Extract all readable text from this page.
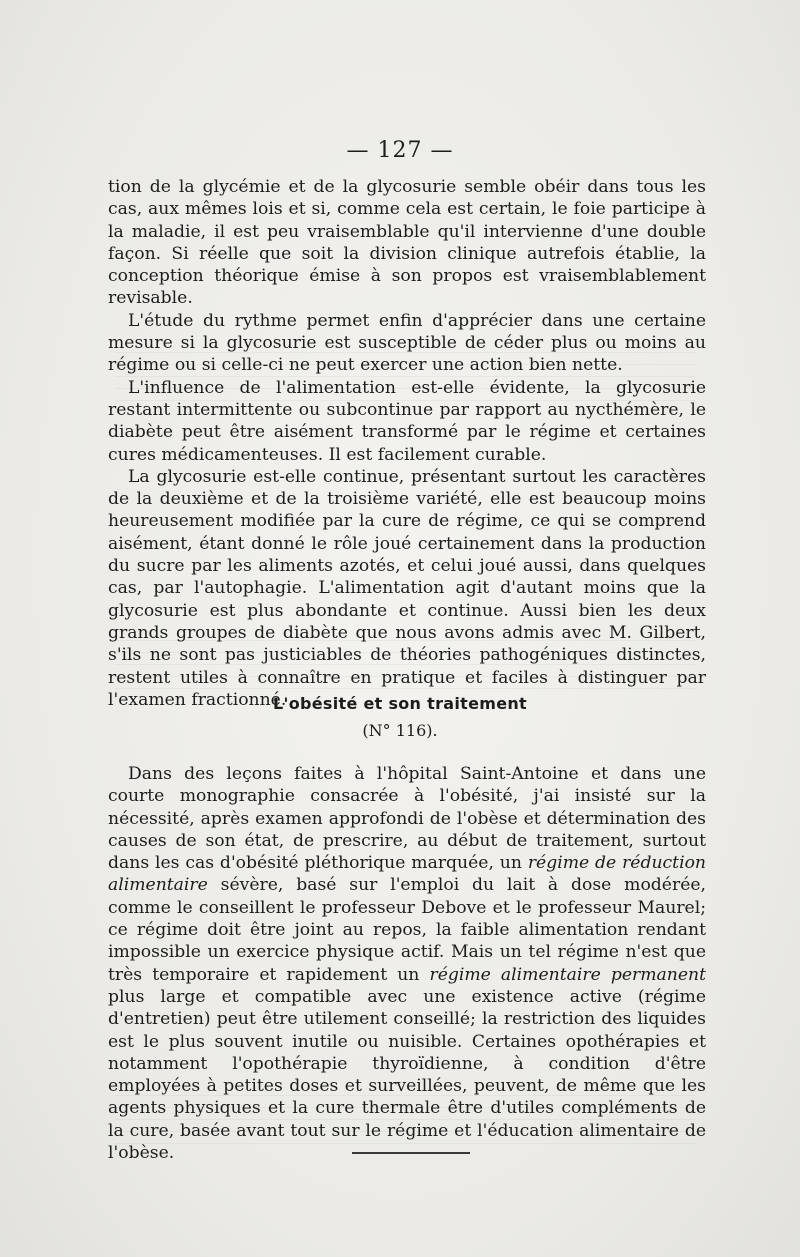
— 127 —

tion de la glycémie et de la glycosurie semble obéir dans tous les cas, aux mêmes lois et si, comme cela est certain, le foie participe à la maladie, il est peu vraisemblable qu'il intervienne d'une double façon. Si réelle que soit la division clinique autrefois établie, la conception théorique émise à son propos est vraisemblablement revisable.

L'étude du rythme permet enfin d'apprécier dans une certaine mesure si la glycosurie est susceptible de céder plus ou moins au régime ou si celle-ci ne peut exercer une action bien nette.

L'influence de l'alimentation est-elle évidente, la glycosurie restant intermittente ou subcontinue par rapport au nycthémère, le diabète peut être aisément transformé par le régime et certaines cures médicamenteuses. Il est facilement curable.

La glycosurie est-elle continue, présentant surtout les caractères de la deuxième et de la troisième variété, elle est beaucoup moins heureusement modifiée par la cure de régime, ce qui se comprend aisément, étant donné le rôle joué certainement dans la production du sucre par les aliments azotés, et celui joué aussi, dans quelques cas, par l'autophagie. L'alimentation agit d'autant moins que la glycosurie est plus abondante et continue. Aussi bien les deux grands groupes de diabète que nous avons admis avec M. Gilbert, s'ils ne sont pas justiciables de théories pathogéniques distinctes, restent utiles à connaître en pratique et faciles à distinguer par l'examen fractionné.

L'obésité et son traitement
(N° 116).

Dans des leçons faites à l'hôpital Saint-Antoine et dans une courte monographie consacrée à l'obésité, j'ai insisté sur la nécessité, après examen approfondi de l'obèse et détermination des causes de son état, de prescrire, au début de traitement, surtout dans les cas d'obésité pléthorique marquée, un régime de réduction alimentaire sévère, basé sur l'emploi du lait à dose modérée, comme le conseillent le professeur Debove et le professeur Maurel; ce régime doit être joint au repos, la faible alimentation rendant impossible un exercice physique actif. Mais un tel régime n'est que très temporaire et rapidement un régime alimentaire permanent plus large et compatible avec une existence active (régime d'entretien) peut être utilement conseillé; la restriction des liquides est le plus souvent inutile ou nuisible. Certaines opothérapies et notamment l'opothérapie thyroïdienne, à condition d'être employées à petites doses et surveillées, peuvent, de même que les agents physiques et la cure thermale être d'utiles compléments de la cure, basée avant tout sur le régime et l'éducation alimentaire de l'obèse.
